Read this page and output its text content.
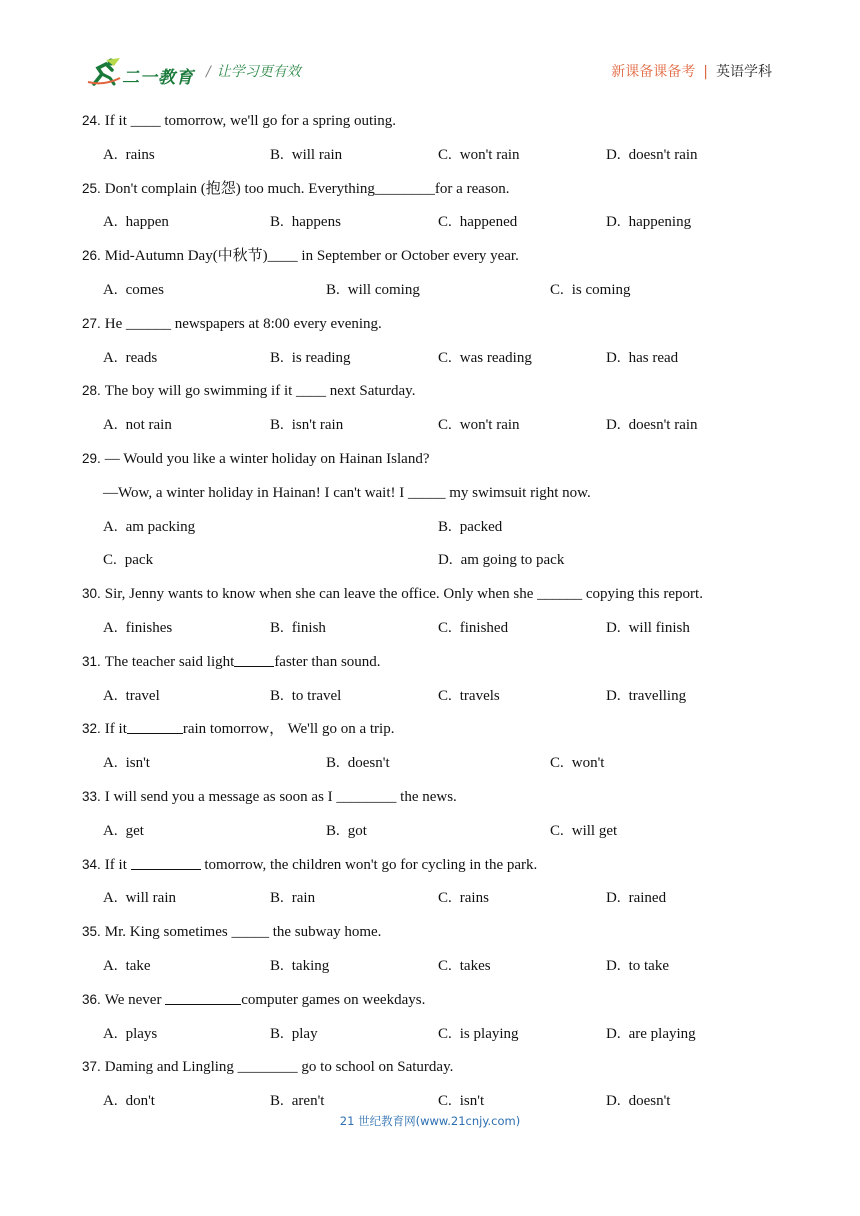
二一教育 / 让学习更有效	新课备课备考 | 英语学科
24. If it ____ tomorrow, we'll go for a spring outing.
A. rains	B. will rain	C. won't rain	D. doesn't rain
25. Don't complain (抱怨) too much. Everything________for a reason.
A. happen	B. happens	C. happened	D. happening
26. Mid-Autumn Day(中秋节)____ in September or October every year.
A. comes	B. will coming	C. is coming
27. He ______ newspapers at 8:00 every evening.
A. reads	B. is reading	C. was reading	D. has read
28. The boy will go swimming if it ____ next Saturday.
A. not rain	B. isn't rain	C. won't rain	D. doesn't rain
29. — Would you like a winter holiday on Hainan Island?
—Wow, a winter holiday in Hainan! I can't wait! I _____ my swimsuit right now.
A. am packing	B. packed
C. pack	D. am going to pack
30. Sir, Jenny wants to know when she can leave the office. Only when she ______ copying this report.
A. finishes	B. finish	C. finished	D. will finish
31. The teacher said light	faster than sound.
A. travel	B. to travel	C. travels	D. travelling
32. If it	rain tomorrow， We'll go on a trip.
A. isn't	B. doesn't	C. won't
33. I will send you a message as soon as I ________ the news.
A. get	B. got	C. will get
34. If it	tomorrow, the children won't go for cycling in the park.
A. will rain	B. rain	C. rains	D. rained
35. Mr. King sometimes _____ the subway home.
A. take	B. taking	C. takes	D. to take
36. We never	computer games on weekdays.
A. plays	B. play	C. is playing	D. are playing
37. Daming and Lingling ________ go to school on Saturday.
A. don't	B. aren't	C. isn't	D. doesn't
21 世纪教育网(www.21cnjy.com)
